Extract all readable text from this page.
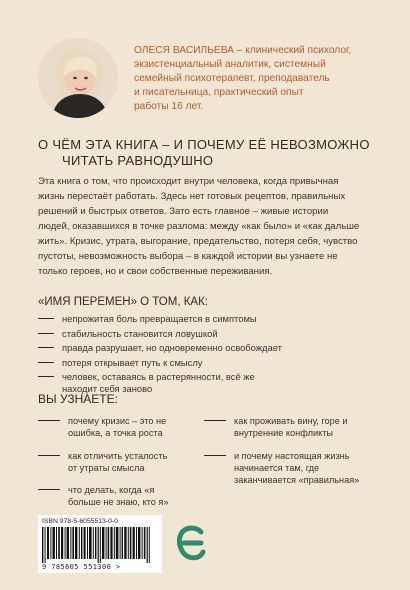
ОЛЕСЯ ВАСИЛЬЕВА – клинический психолог,
экзистенциальный аналитик, системный
семейный психотерапевт, преподаватель
и писательница, практический опыт
работы 16 лет.
О ЧЁМ ЭТА КНИГА – И ПОЧЕМУ ЕЁ НЕВОЗМОЖНО
ЧИТАТЬ РАВНОДУШНО
Эта книга о том, что происходит внутри человека, когда привычная
жизнь перестаёт работать. Здесь нет готовых рецептов, правильных
решений и быстрых ответов. Зато есть главное – живые истории
людей, оказавшихся в точке разлома: между «как было» и «как дальше
жить». Кризис, утрата, выгорание, предательство, потеря себя, чувство
пустоты, невозможность выбора – в каждой истории вы узнаете не
только героев, но и свои собственные переживания.
«ИМЯ ПЕРЕМЕН» О ТОМ, КАК:
непрожитая боль превращается в симптомы
стабильность становится ловушкой
правда разрушает, но одновременно освобождает
потеря открывает путь к смыслу
человек, оставаясь в растерянности, всё же находит себя заново
ВЫ УЗНАЕТЕ:
почему кризис – это не ошибка, а точка роста
как отличить усталость от утраты смысла
что делать, когда «я больше не знаю, кто я»
как проживать вину, горе и внутренние конфликты
и почему настоящая жизнь начинается там, где заканчивается «правильная»
ISBN 978-5-6055513-0-0
9 785605 551300 >
